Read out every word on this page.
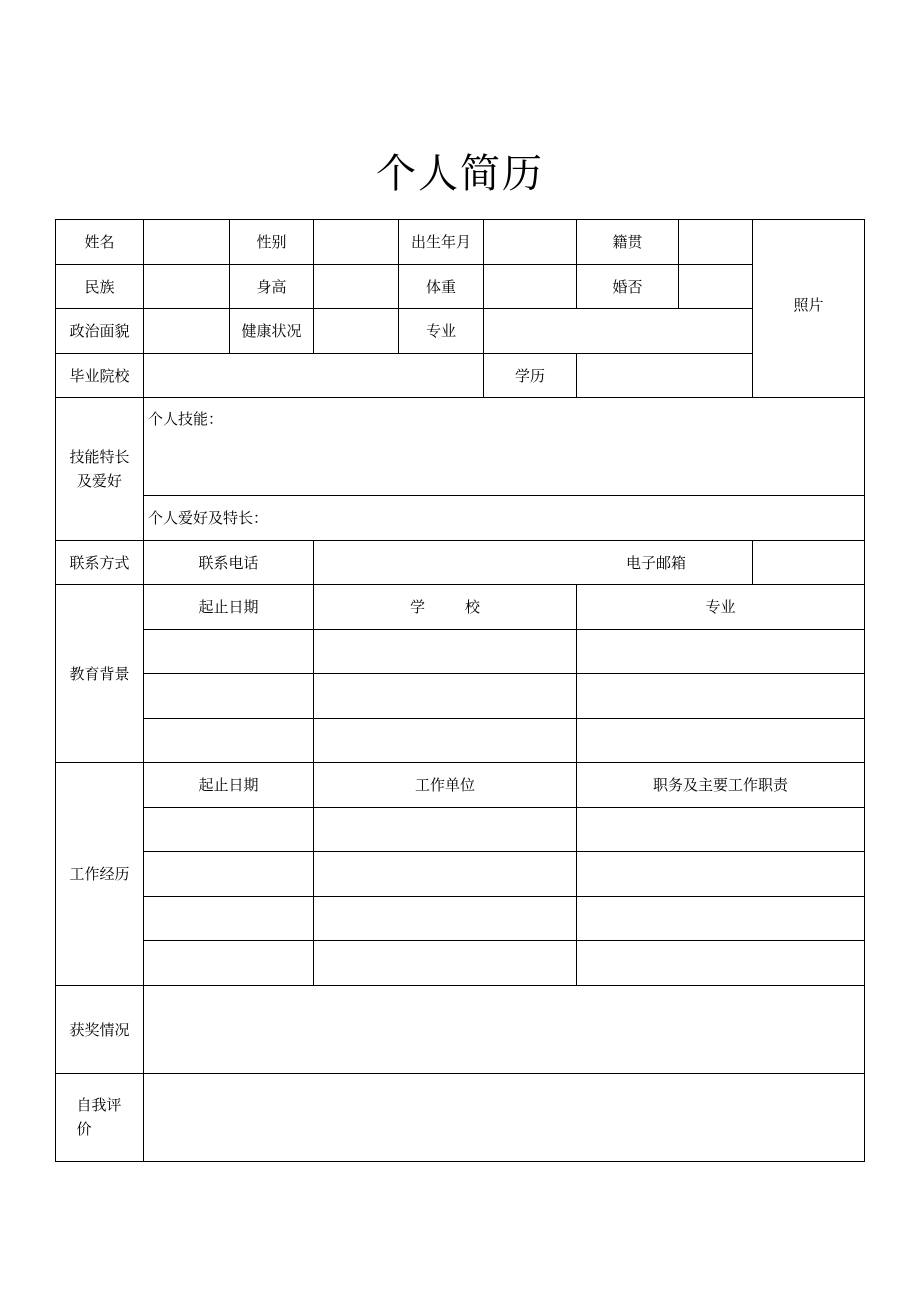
个人简历
姓名		性别		出生年月		籍贯		照片
民族		身高		体重		婚否		
政治面貌		健康状况		专业				
毕业院校					学历			
技能特长及爱好	个人技能：							
	个人爱好及特长：							
联系方式	联系电话		电子邮箱					
教育背景	起止日期		学 校			专业		

工作经历	起止日期		工作单位			职务及主要工作职责		

获奖情况								
自我评价								
